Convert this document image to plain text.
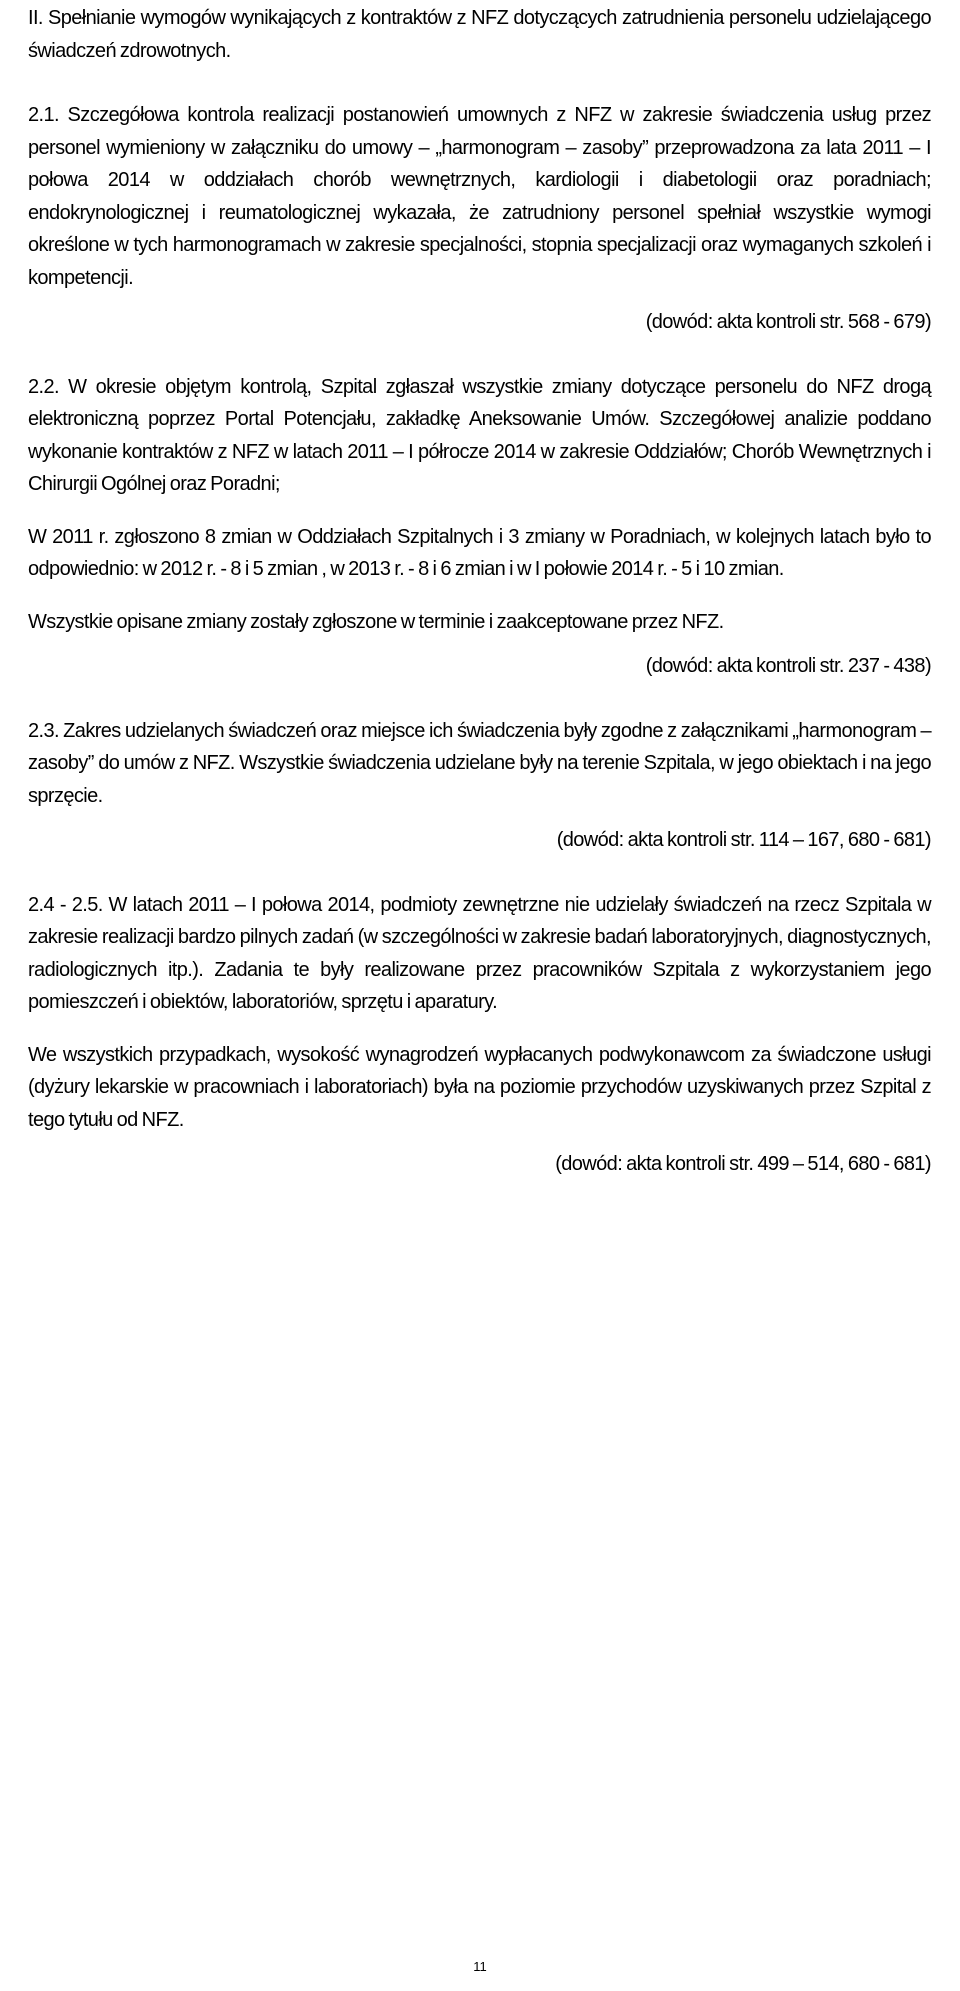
II. Spełnianie wymogów wynikających z kontraktów z NFZ dotyczących zatrudnienia personelu udzielającego świadczeń zdrowotnych.

2.1. Szczegółowa kontrola realizacji postanowień umownych z NFZ w zakresie świadczenia usług przez personel wymieniony w załączniku do umowy – „harmonogram – zasoby” przeprowadzona za lata 2011 – I połowa 2014 w oddziałach chorób wewnętrznych, kardiologii i diabetologii oraz poradniach; endokrynologicznej i reumatologicznej wykazała, że zatrudniony personel spełniał wszystkie wymogi określone w tych harmonogramach w zakresie specjalności, stopnia specjalizacji oraz wymaganych szkoleń i kompetencji.

(dowód: akta kontroli str. 568 - 679)

2.2. W okresie objętym kontrolą, Szpital zgłaszał wszystkie zmiany dotyczące personelu do NFZ drogą elektroniczną poprzez Portal Potencjału, zakładkę Aneksowanie Umów. Szczegółowej analizie poddano wykonanie kontraktów z NFZ w latach 2011 – I półrocze 2014 w zakresie Oddziałów; Chorób Wewnętrznych i Chirurgii Ogólnej oraz Poradni;

W 2011 r. zgłoszono 8 zmian w Oddziałach Szpitalnych i 3 zmiany w Poradniach, w kolejnych latach było to odpowiednio: w 2012 r. - 8 i 5 zmian , w 2013 r. - 8 i 6 zmian i w I połowie 2014 r. - 5 i 10 zmian.

Wszystkie opisane zmiany zostały zgłoszone w terminie i zaakceptowane przez NFZ.

(dowód: akta kontroli str. 237 - 438)

2.3. Zakres udzielanych świadczeń oraz miejsce ich świadczenia były zgodne z załącznikami „harmonogram – zasoby” do umów z NFZ. Wszystkie świadczenia udzielane były na terenie Szpitala, w jego obiektach i na jego sprzęcie.

(dowód: akta kontroli str. 114 – 167, 680 - 681)

2.4 - 2.5. W latach 2011 – I połowa 2014, podmioty zewnętrzne nie udzielały świadczeń na rzecz Szpitala w zakresie realizacji bardzo pilnych zadań (w szczególności w zakresie badań laboratoryjnych, diagnostycznych, radiologicznych itp.). Zadania te były realizowane przez pracowników Szpitala z wykorzystaniem jego pomieszczeń i obiektów, laboratoriów, sprzętu i aparatury.

We wszystkich przypadkach, wysokość wynagrodzeń wypłacanych podwykonawcom za świadczone usługi (dyżury lekarskie w pracowniach i laboratoriach) była na poziomie przychodów uzyskiwanych przez Szpital z tego tytułu od NFZ.

(dowód: akta kontroli str. 499 – 514, 680 - 681)

11
